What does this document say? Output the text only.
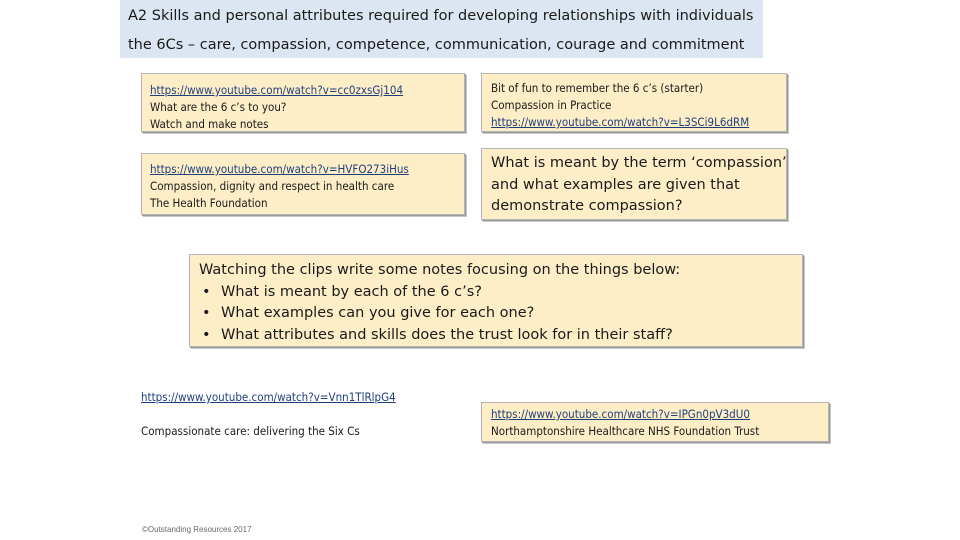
A2 Skills and personal attributes required for developing relationships with individuals
the 6Cs – care, compassion, competence, communication, courage and commitment
https://www.youtube.com/watch?v=cc0zxsGj104
What are the 6 c’s to you?
Watch and make notes
Bit of fun to remember the 6 c’s (starter)
Compassion in Practice
https://www.youtube.com/watch?v=L3SCi9L6dRM
https://www.youtube.com/watch?v=HVFO273iHus
Compassion, dignity and respect in health care
The Health Foundation
What is meant by the term ‘compassion’
and what examples are given that
demonstrate compassion?
Watching the clips write some notes focusing on the things below:
• What is meant by each of the 6 c’s?
• What examples can you give for each one?
• What attributes and skills does the trust look for in their staff?
https://www.youtube.com/watch?v=Vnn1TlRlpG4
Compassionate care: delivering the Six Cs
https://www.youtube.com/watch?v=IPGn0pV3dU0
Northamptonshire Healthcare NHS Foundation Trust
©Outstanding Resources 2017
